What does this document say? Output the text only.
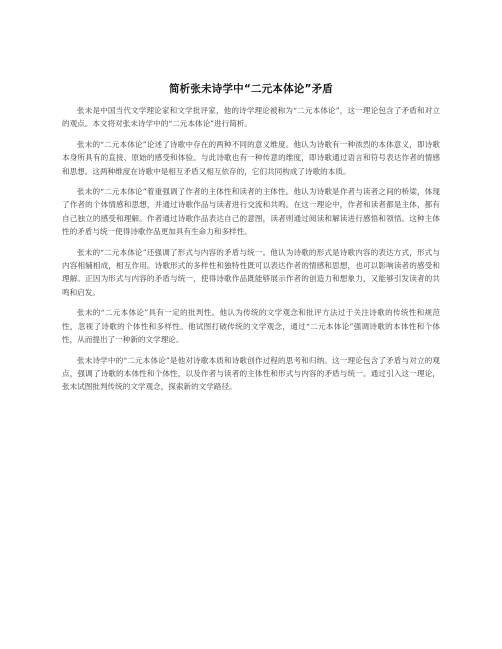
简析张未诗学中“二元本体论”矛盾

张未是中国当代文学理论家和文学批评家，他的诗学理论被称为“二元本体论”，这一理论包含了矛盾和对立的观点。本文将对张未诗学中的“二元本体论”进行简析。

张未的“二元本体论”论述了诗歌中存在的两种不同的意义维度。他认为诗歌有一种浓烈的本体意义，即诗歌本身所具有的直接、原始的感受和体验。与此诗歌也有一种传意的维度，即诗歌通过语言和符号表达作者的情感和思想。这两种维度在诗歌中是相互矛盾又相互依存的，它们共同构成了诗歌的本质。

张未的“二元本体论”着重强调了作者的主体性和读者的主体性。他认为诗歌是作者与读者之间的桥梁，体现了作者的个体情感和思想，并通过诗歌作品与读者进行交流和共鸣。在这一理论中，作者和读者都是主体，都有自己独立的感受和理解。作者通过诗歌作品表达自己的意图，读者则通过阅读和解读进行感悟和领悟。这种主体性的矛盾与统一使得诗歌作品更加具有生命力和多样性。

张未的“二元本体论”还强调了形式与内容的矛盾与统一。他认为诗歌的形式是诗歌内容的表达方式，形式与内容相辅相成，相互作用。诗歌形式的多样性和独特性既可以表达作者的情感和思想，也可以影响读者的感受和理解。正因为形式与内容的矛盾与统一，使得诗歌作品既能够展示作者的创造力和想象力，又能够引发读者的共鸣和启发。

张未的“二元本体论”具有一定的批判性。他认为传统的文学观念和批评方法过于关注诗歌的传统性和规范性，忽视了诗歌的个体性和多样性。他试图打破传统的文学观念，通过“二元本体论”强调诗歌的本体性和个体性，从而提出了一种新的文学理论。

张未诗学中的“二元本体论”是他对诗歌本质和诗歌创作过程的思考和归纳。这一理论包含了矛盾与对立的观点，强调了诗歌的本体性和个体性，以及作者与读者的主体性和形式与内容的矛盾与统一。通过引入这一理论，张未试图批判传统的文学观念，探索新的文学路径。
